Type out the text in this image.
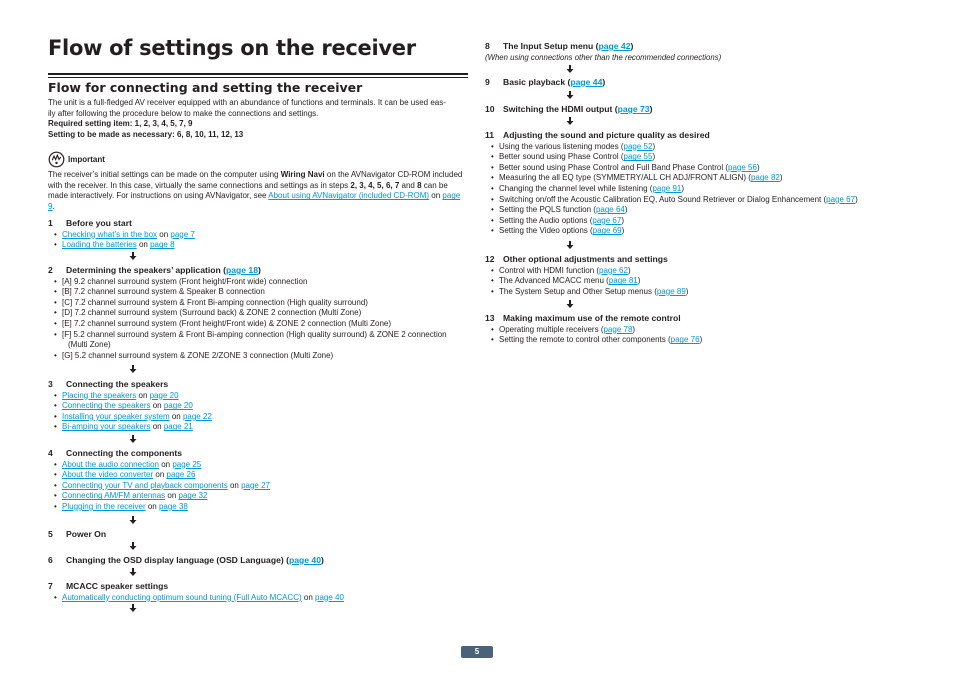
Flow of settings on the receiver
Flow for connecting and setting the receiver

The unit is a full-fledged AV receiver equipped with an abundance of functions and terminals. It can be used eas-

ily after following the procedure below to make the connections and settings.

Required setting item: 1, 2, 3, 4, 5, 7, 9

Setting to be made as necessary: 6, 8, 10, 11, 12, 13

Important

The receiver’s initial settings can be made on the computer using Wiring Navi on the AVNavigator CD-ROM included with the receiver. In this case, virtually the same connections and settings as in steps 2, 3, 4, 5, 6, 7 and 8 can be made interactively. For instructions on using AVNavigator, see About using AVNavigator (included CD-ROM) on page 9.

1 Before you start

• Checking what’s in the box on page 7
• Loading the batteries on page 8

2 Determining the speakers’ application (page 18)

• [A] 9.2 channel surround system (Front height/Front wide) connection
• [B] 7.2 channel surround system & Speaker B connection
• [C] 7.2 channel surround system & Front Bi-amping connection (High quality surround)
• [D] 7.2 channel surround system (Surround back) & ZONE 2 connection (Multi Zone)
• [E] 7.2 channel surround system (Front height/Front wide) & ZONE 2 connection (Multi Zone)
• [F] 5.2 channel surround system & Front Bi-amping connection (High quality surround) & ZONE 2 connection
(Multi Zone)
• [G] 5.2 channel surround system & ZONE 2/ZONE 3 connection (Multi Zone)

3 Connecting the speakers

• Placing the speakers on page 20
• Connecting the speakers on page 20
• Installing your speaker system on page 22
• Bi-amping your speakers on page 21

4 Connecting the components

• About the audio connection on page 25
• About the video converter on page 26
• Connecting your TV and playback components on page 27
• Connecting AM/FM antennas on page 32
• Plugging in the receiver on page 38

5 Power On

6 Changing the OSD display language (OSD Language) (page 40)

7 MCACC speaker settings

• Automatically conducting optimum sound tuning (Full Auto MCACC) on page 40

8 The Input Setup menu (page 42)

(When using connections other than the recommended connections)

9 Basic playback (page 44)

10 Switching the HDMI output (page 73)

11 Adjusting the sound and picture quality as desired

• Using the various listening modes (page 52)
• Better sound using Phase Control (page 55)
• Better sound using Phase Control and Full Band Phase Control (page 56)
• Measuring the all EQ type (SYMMETRY/ALL CH ADJ/FRONT ALIGN) (page 82)
• Changing the channel level while listening (page 91)
• Switching on/off the Acoustic Calibration EQ, Auto Sound Retriever or Dialog Enhancement (page 67)
• Setting the PQLS function (page 64)
• Setting the Audio options (page 67)
• Setting the Video options (page 69)

12 Other optional adjustments and settings

• Control with HDMI function (page 62)
• The Advanced MCACC menu (page 81)
• The System Setup and Other Setup menus (page 89)

13 Making maximum use of the remote control

• Operating multiple receivers (page 78)
• Setting the remote to control other components (page 76)
5
